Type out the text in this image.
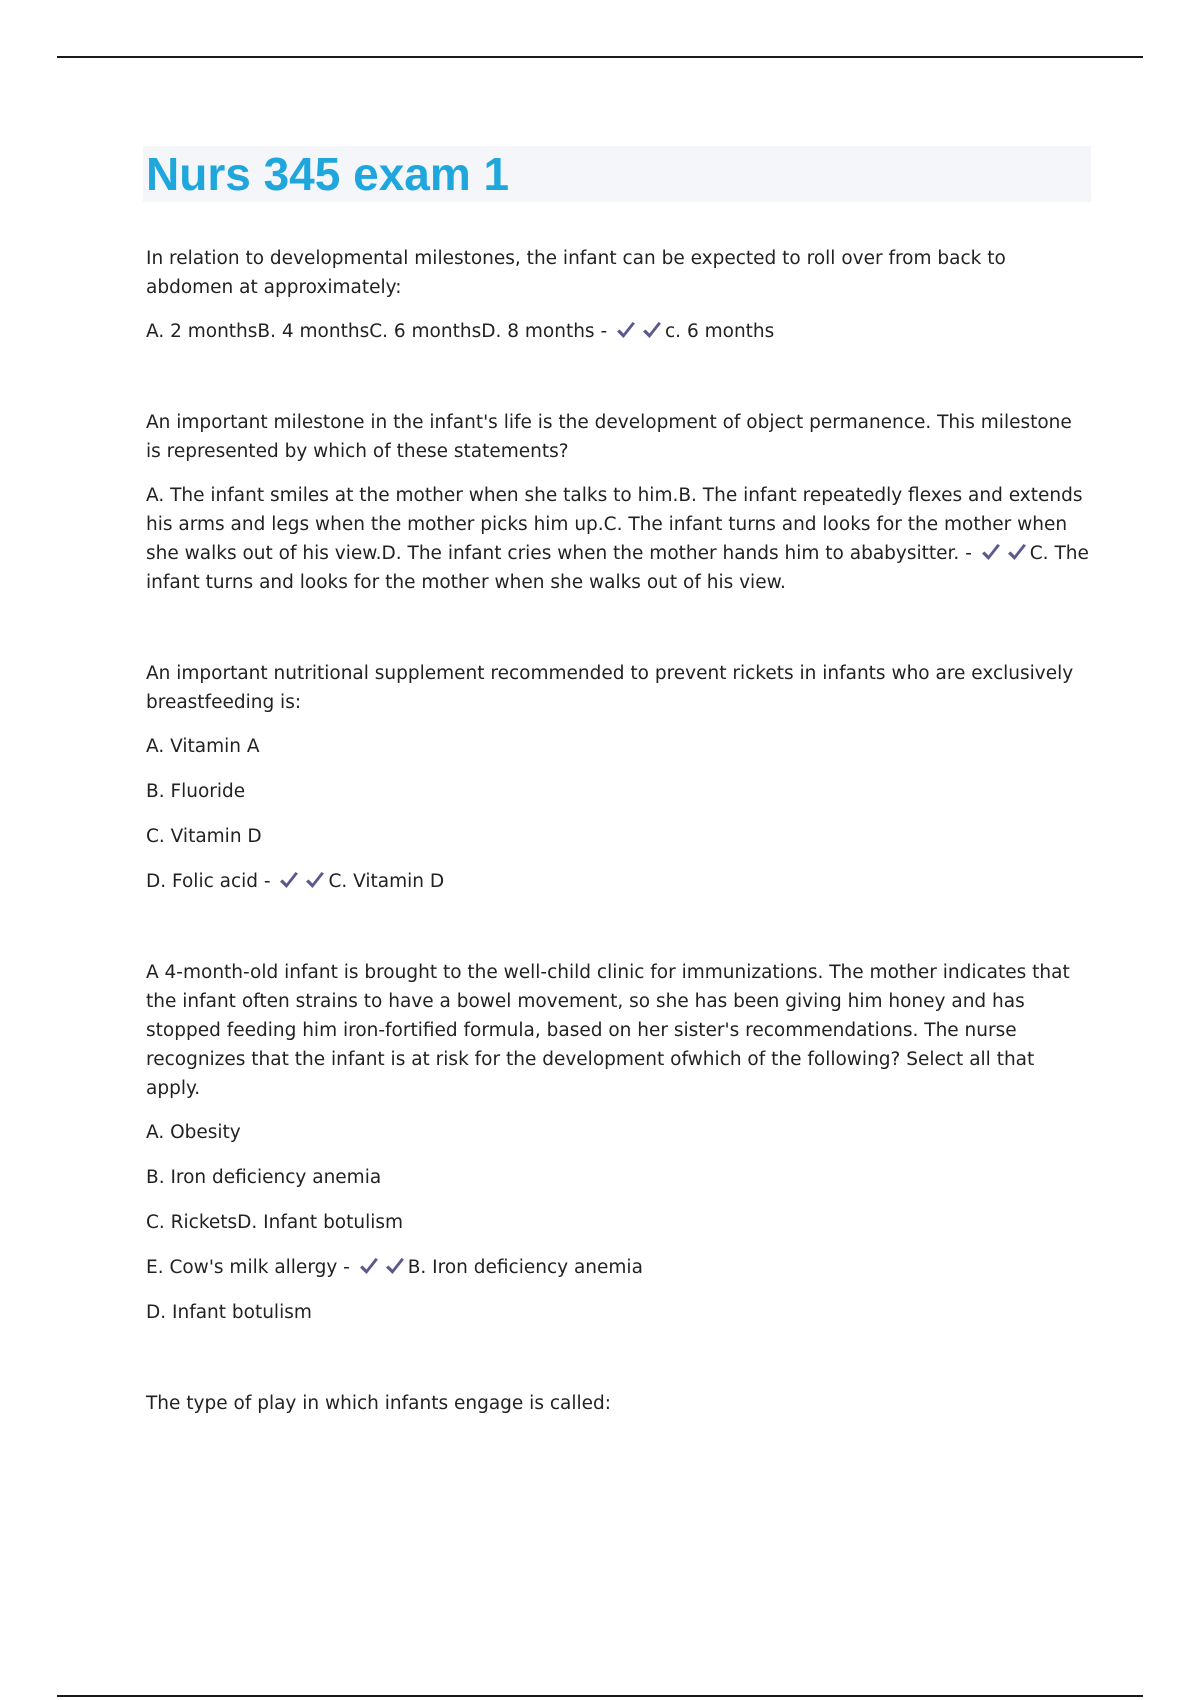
Nurs 345 exam 1

In relation to developmental milestones, the infant can be expected to roll over from back to abdomen at approximately:

A. 2 monthsB. 4 monthsC. 6 monthsD. 8 months -	c. 6 months

An important milestone in the infant's life is the development of object permanence. This milestone is represented by which of these statements?

A. The infant smiles at the mother when she talks to him.B. The infant repeatedly flexes and extends his arms and legs when the mother picks him up.C. The infant turns and looks for the mother when she walks out of his view.D. The infant cries when the mother hands him to ababysitter. -	C. The infant turns and looks for the mother when she walks out of his view.

An important nutritional supplement recommended to prevent rickets in infants who are exclusively breastfeeding is:

A. Vitamin A

B. Fluoride

C. Vitamin D

D. Folic acid -	C. Vitamin D

A 4-month-old infant is brought to the well-child clinic for immunizations. The mother indicates that the infant often strains to have a bowel movement, so she has been giving him honey and has stopped feeding him iron-fortified formula, based on her sister's recommendations. The nurse recognizes that the infant is at risk for the development ofwhich of the following? Select all that apply.

A. Obesity

B. Iron deficiency anemia

C. RicketsD. Infant botulism

E. Cow's milk allergy -	B. Iron deficiency anemia

D. Infant botulism

The type of play in which infants engage is called:
